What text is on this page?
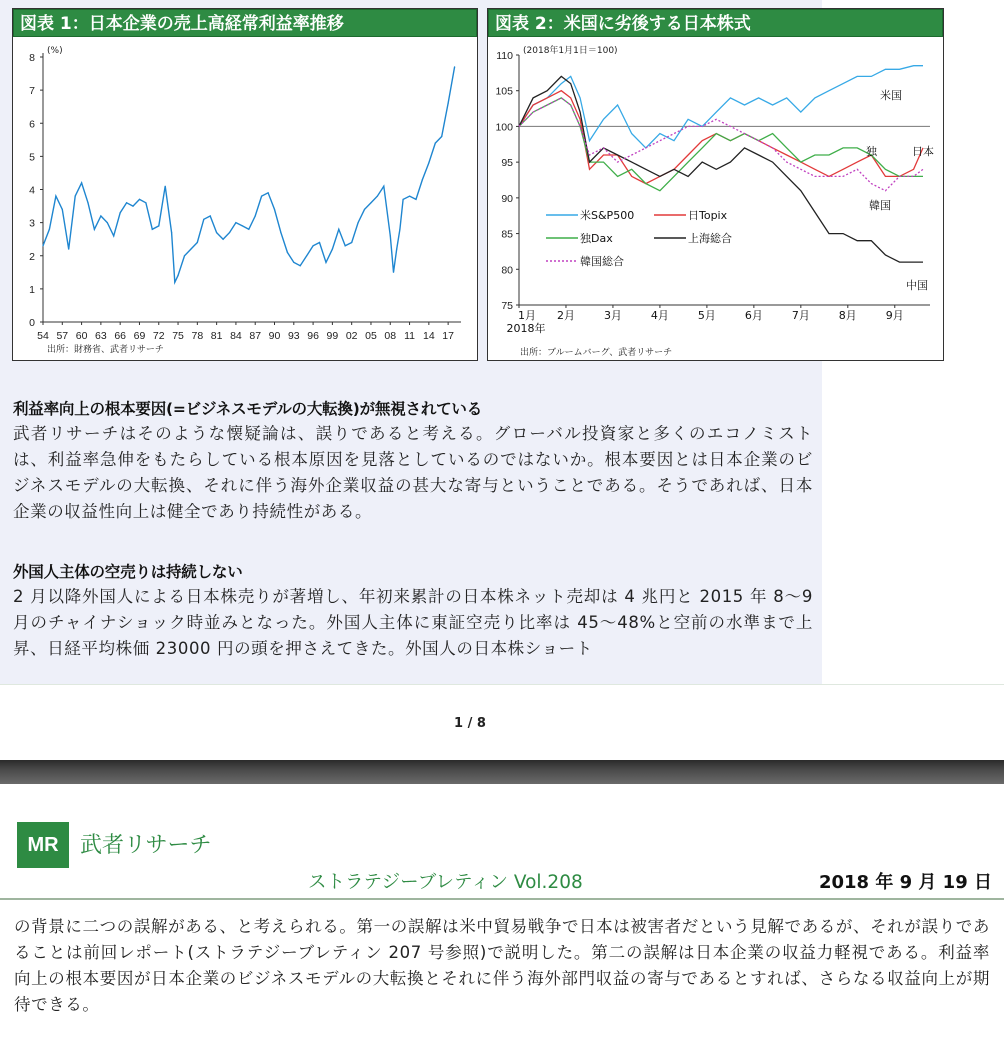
図表 1：日本企業の売上高経常利益率推移
(%)
0
1
2
3
4
5
6
7
8
54 57 60 63 66 69 72 75 78 81 84 87 90 93 96 99 02 05 08 11 14 17
出所：財務省、武者リサーチ
図表 2：米国に劣後する日本株式
(2018年1月1日＝100)
75
80
85
90
95
100
105
110
1月 2月	3月	4月	5月	6月	7月	8月	9月
2018年
米S&P500	日Topix
独Dax	上海総合
韓国総合
米国
独	日本
韓国
中国
出所：ブルームバーグ、武者リサーチ
利益率向上の根本要因(=ビジネスモデルの大転換)が無視されている

武者リサーチはそのような懐疑論は、誤りであると考える。グローバル投資家と多くのエコノミストは、利益率急伸をもたらしている根本原因を見落としているのではないか。根本要因とは日本企業のビジネスモデルの大転換、それに伴う海外企業収益の甚大な寄与ということである。そうであれば、日本企業の収益性向上は健全であり持続性がある。

外国人主体の空売りは持続しない

2 月以降外国人による日本株売りが著増し、年初来累計の日本株ネット売却は 4 兆円と 2015 年 8～9 月のチャイナショック時並みとなった。外国人主体に東証空売り比率は 45～48%と空前の水準まで上昇、日経平均株価 23000 円の頭を押さえてきた。外国人の日本株ショート

1 / 8
MR 武者リサーチ
ストラテジーブレティン Vol.208	2018 年 9 月 19 日

の背景に二つの誤解がある、と考えられる。第一の誤解は米中貿易戦争で日本は被害者だという見解であるが、それが誤りであることは前回レポート(ストラテジーブレティン 207 号参照)で説明した。第二の誤解は日本企業の収益力軽視である。利益率向上の根本要因が日本企業のビジネスモデルの大転換とそれに伴う海外部門収益の寄与であるとすれば、さらなる収益向上が期待できる。
